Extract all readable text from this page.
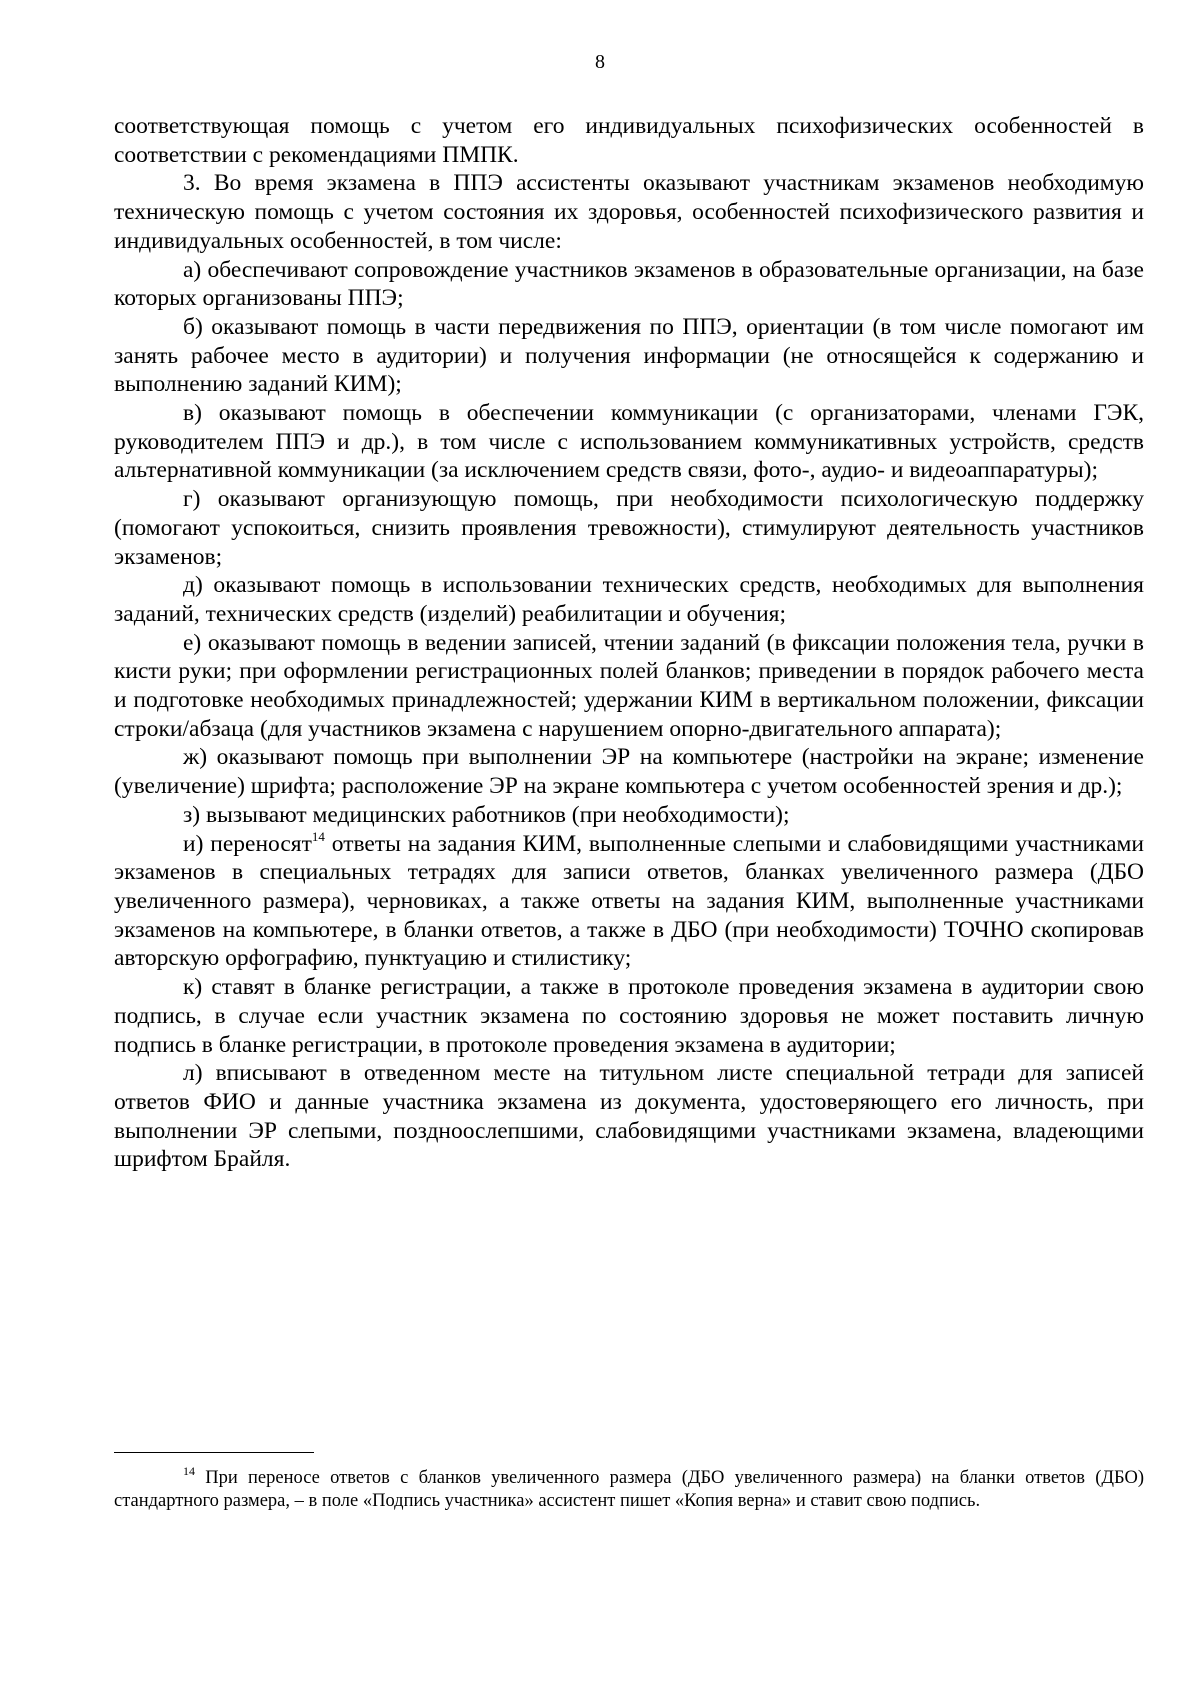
8

соответствующая помощь с учетом его индивидуальных психофизических особенностей в соответствии с рекомендациями ПМПК.

3. Во время экзамена в ППЭ ассистенты оказывают участникам экзаменов необходимую техническую помощь с учетом состояния их здоровья, особенностей психофизического развития и индивидуальных особенностей, в том числе:

а) обеспечивают сопровождение участников экзаменов в образовательные организации, на базе которых организованы ППЭ;

б) оказывают помощь в части передвижения по ППЭ, ориентации (в том числе помогают им занять рабочее место в аудитории) и получения информации (не относящейся к содержанию и выполнению заданий КИМ);

в) оказывают помощь в обеспечении коммуникации (с организаторами, членами ГЭК, руководителем ППЭ и др.), в том числе с использованием коммуникативных устройств, средств альтернативной коммуникации (за исключением средств связи, фото-, аудио- и видеоаппаратуры);

г) оказывают организующую помощь, при необходимости психологическую поддержку (помогают успокоиться, снизить проявления тревожности), стимулируют деятельность участников экзаменов;

д) оказывают помощь в использовании технических средств, необходимых для выполнения заданий, технических средств (изделий) реабилитации и обучения;

е) оказывают помощь в ведении записей, чтении заданий (в фиксации положения тела, ручки в кисти руки; при оформлении регистрационных полей бланков; приведении в порядок рабочего места и подготовке необходимых принадлежностей; удержании КИМ в вертикальном положении, фиксации строки/абзаца (для участников экзамена с нарушением опорно-двигательного аппарата);

ж) оказывают помощь при выполнении ЭР на компьютере (настройки на экране; изменение (увеличение) шрифта; расположение ЭР на экране компьютера с учетом особенностей зрения и др.);

з) вызывают медицинских работников (при необходимости);

и) переносят$^{14}$ ответы на задания КИМ, выполненные слепыми и слабовидящими участниками экзаменов в специальных тетрадях для записи ответов, бланках увеличенного размера (ДБО увеличенного размера), черновиках, а также ответы на задания КИМ, выполненные участниками экзаменов на компьютере, в бланки ответов, а также в ДБО (при необходимости) ТОЧНО скопировав авторскую орфографию, пунктуацию и стилистику;

к) ставят в бланке регистрации, а также в протоколе проведения экзамена в аудитории свою подпись, в случае если участник экзамена по состоянию здоровья не может поставить личную подпись в бланке регистрации, в протоколе проведения экзамена в аудитории;

л) вписывают в отведенном месте на титульном листе специальной тетради для записей ответов ФИО и данные участника экзамена из документа, удостоверяющего его личность, при выполнении ЭР слепыми, поздноослепшими, слабовидящими участниками экзамена, владеющими шрифтом Брайля.

$^{14}$ При переносе ответов с бланков увеличенного размера (ДБО увеличенного размера) на бланки ответов (ДБО) стандартного размера, – в поле «Подпись участника» ассистент пишет «Копия верна» и ставит свою подпись.
